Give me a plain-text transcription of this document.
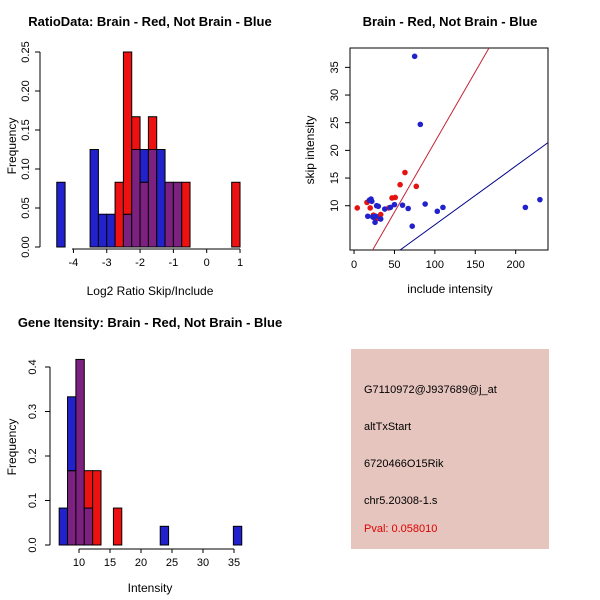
0.00
0.05
0.10
0.15
0.20
0.25
-4 -3 -2 -1 0 1	0	50 100 150 200
10
15
20
25
30
35
0.0
0.1
0.2
0.3
0.4
10 15 20 25 30 35
RatioData: Brain - Red, Not Brain - Blue	Brain - Red, Not Brain - Blue
Gene Itensity: Brain - Red, Not Brain - Blue
Log2 Ratio Skip/Include	include intensity
Intensity
Frequency	skip intensity
Frequency
G7110972@J937689@j_at
altTxStart
6720466O15Rik
chr5.20308-1.s
Pval: 0.058010
